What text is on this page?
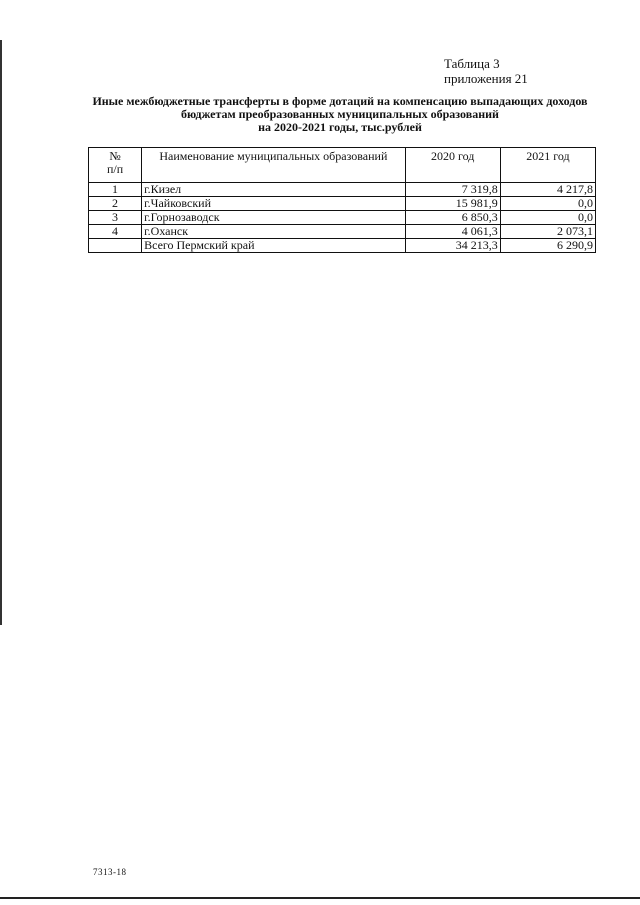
Таблица 3
приложения 21
Иные межбюджетные трансферты в форме дотаций на компенсацию выпадающих доходов
бюджетам преобразованных муниципальных образований
на 2020-2021 годы, тыс.рублей
№
п/п	Наименование муниципальных образований	2020 год	2021 год
1	г.Кизел	7 319,8	4 217,8
2	г.Чайковский	15 981,9	0,0
3	г.Горнозаводск	6 850,3	0,0
4	г.Оханск	4 061,3	2 073,1
	Всего Пермский край	34 213,3	6 290,9
7313-18
